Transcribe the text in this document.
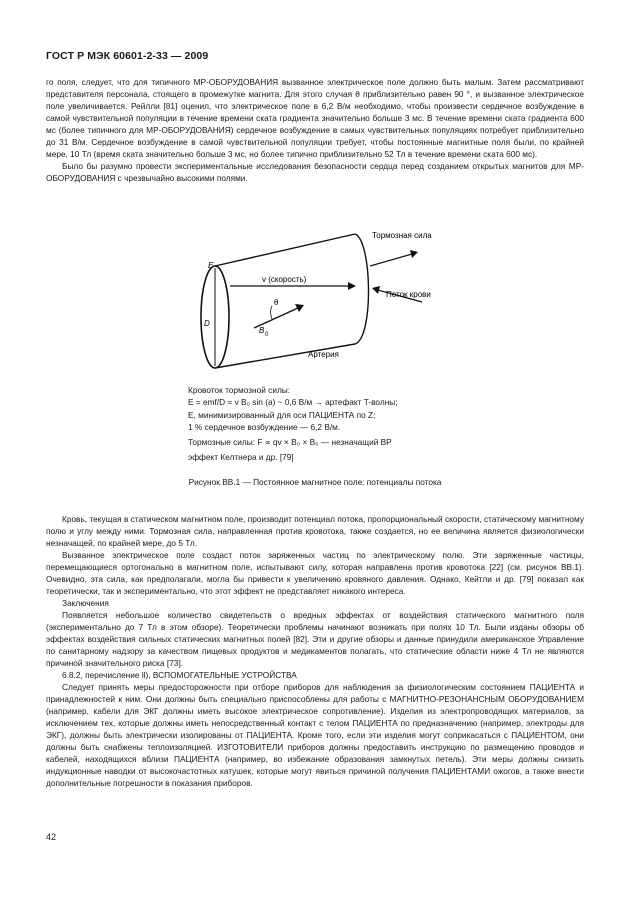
ГОСТ Р МЭК 60601-2-33 — 2009

го поля, следует, что для типичного МР-ОБОРУДОВАНИЯ вызванное электрическое поле должно быть малым. Затем рассматривают представителя персонала, стоящего в промежутке магнита. Для этого случая θ приблизительно равен 90 °, и вызванное электрическое поле увеличивается. Рейлли [81] оценил, что электрическое поле в 6,2 В/м необходимо, чтобы произвести сердечное возбуждение в самой чувствительной популяции в течение времени ската градиента значительно больше 3 мс. В течение времени ската градиента 600 мс (более типичного для МР-ОБОРУДОВАНИЯ) сердечное возбуждение в самых чувствительных популяциях потребует приблизительно до 31 В/м. Сердечное возбуждение в самой чувствительной популяции требует, чтобы постоянные магнитные поля были, по крайней мере, 10 Тл (время ската значительно больше 3 мс, но более типично приблизительно 52 Тл в течение времени ската 600 мс).

Было бы разумно провести экспериментальные исследования безопасности сердца перед созданием открытых магнитов для МР-ОБОРУДОВАНИЯ с чрезвычайно высокими полями.

E
D
v (скорость)
θ
B 0
Артерия
Тормозная сила
Поток крови
Кровоток тормозной силы:
E = emf/D = v B₀ sin (a) ~ 0,6 В/м → артефакт T-волны;
E, минимизированный для оси ПАЦИЕНТА по Z;
1 % сердечное возбуждение — 6,2 В/м.
Тормозные силы: F ∝ qv × B₀ × B₀ — незначащий ВР
эффект Келтнера и др. [79]
Рисунок ВВ.1 — Постоянное магнитное поле: потенциалы потока

Кровь, текущая в статическом магнитном поле, производит потенциал потока, пропорциональный скорости, статическому магнитному полю и углу между ними. Тормозная сила, направленная против кровотока, также создается, но ее величина является физиологически незначащей, по крайней мере, до 5 Тл.

Вызванное электрическое поле создаст поток заряженных частиц по электрическому полю. Эти заряженные частицы, перемещающиеся ортогонально в магнитном поле, испытывают силу, которая направлена против кровотока [22] (см. рисунок ВВ.1). Очевидно, эта сила, как предполагали, могла бы привести к увеличению кровяного давления. Однако, Кейтли и др. [79] показал как теоретически, так и экспериментально, что этот эффект не представляет никакого интереса.

Заключения

Появляется небольшое количество свидетельств о вредных эффектах от воздействия статического магнитного поля (экспериментально до 7 Тл в этом обзоре). Теоретически проблемы начинают возникать при полях 10 Тл. Были изданы обзоры об эффектах воздействия сильных статических магнитных полей [82]. Эти и другие обзоры и данные принудили американское Управление по санитарному надзору за качеством пищевых продуктов и медикаментов полагать, что статические области ниже 4 Тл не являются причиной значительного риска [73].

6.8.2, перечисление ll), ВСПОМОГАТЕЛЬНЫЕ УСТРОЙСТВА

Следует принять меры предосторожности при отборе приборов для наблюдения за физиологическим состоянием ПАЦИЕНТА и принадлежностей к ним. Они должны быть специально приспособлены для работы с МАГНИТНО-РЕЗОНАНСНЫМ ОБОРУДОВАНИЕМ (например, кабели для ЭКГ должны иметь высокое электрическое сопротивление). Изделия из электропроводящих материалов, за исключением тех, которые должны иметь непосредственный контакт с телом ПАЦИЕНТА по предназначению (например, электроды для ЭКГ), должны быть электрически изолированы от ПАЦИЕНТА. Кроме того, если эти изделия могут соприкасаться с ПАЦИЕНТОМ, они должны быть снабжены теплоизоляцией. ИЗГОТОВИТЕЛИ приборов должны предоставить инструкцию по размещению проводов и кабелей, находящихся вблизи ПАЦИЕНТА (например, во избежание образования замкнутых петель). Эти меры должны снизить индукционные наводки от высокочастотных катушек, которые могут явиться причиной получения ПАЦИЕНТАМИ ожогов, а также внести дополнительные погрешности в показания приборов.

42
